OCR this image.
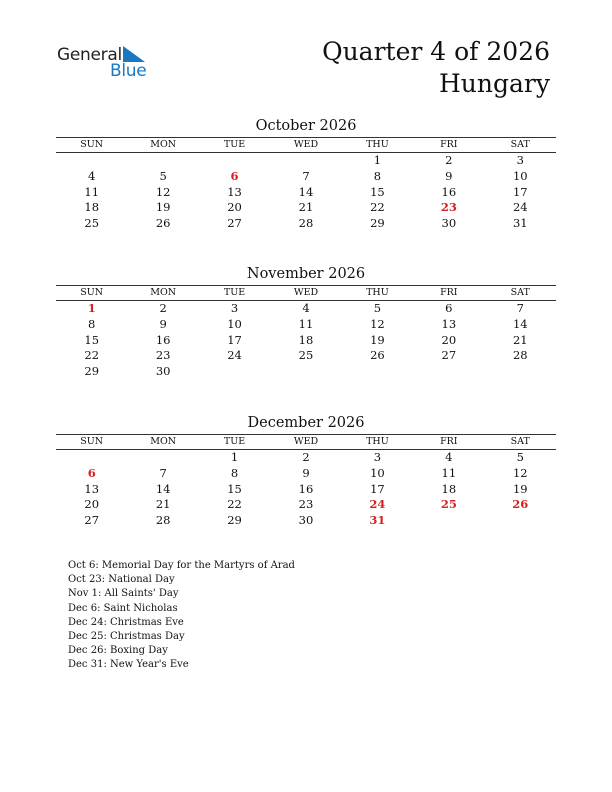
General
Blue
Quarter 4 of 2026
Hungary
October 2026
SUN	MON	TUE	WED	THU	FRI	SAT
				1	2	3
4	5	6	7	8	9	10
11	12	13	14	15	16	17
18	19	20	21	22	23	24
25	26	27	28	29	30	31
November 2026
SUN	MON	TUE	WED	THU	FRI	SAT
1	2	3	4	5	6	7
8	9	10	11	12	13	14
15	16	17	18	19	20	21
22	23	24	25	26	27	28
29	30					
December 2026
SUN	MON	TUE	WED	THU	FRI	SAT
		1	2	3	4	5
6	7	8	9	10	11	12
13	14	15	16	17	18	19
20	21	22	23	24	25	26
27	28	29	30	31		
Oct 6: Memorial Day for the Martyrs of Arad
Oct 23: National Day
Nov 1: All Saints' Day
Dec 6: Saint Nicholas
Dec 24: Christmas Eve
Dec 25: Christmas Day
Dec 26: Boxing Day
Dec 31: New Year's Eve
